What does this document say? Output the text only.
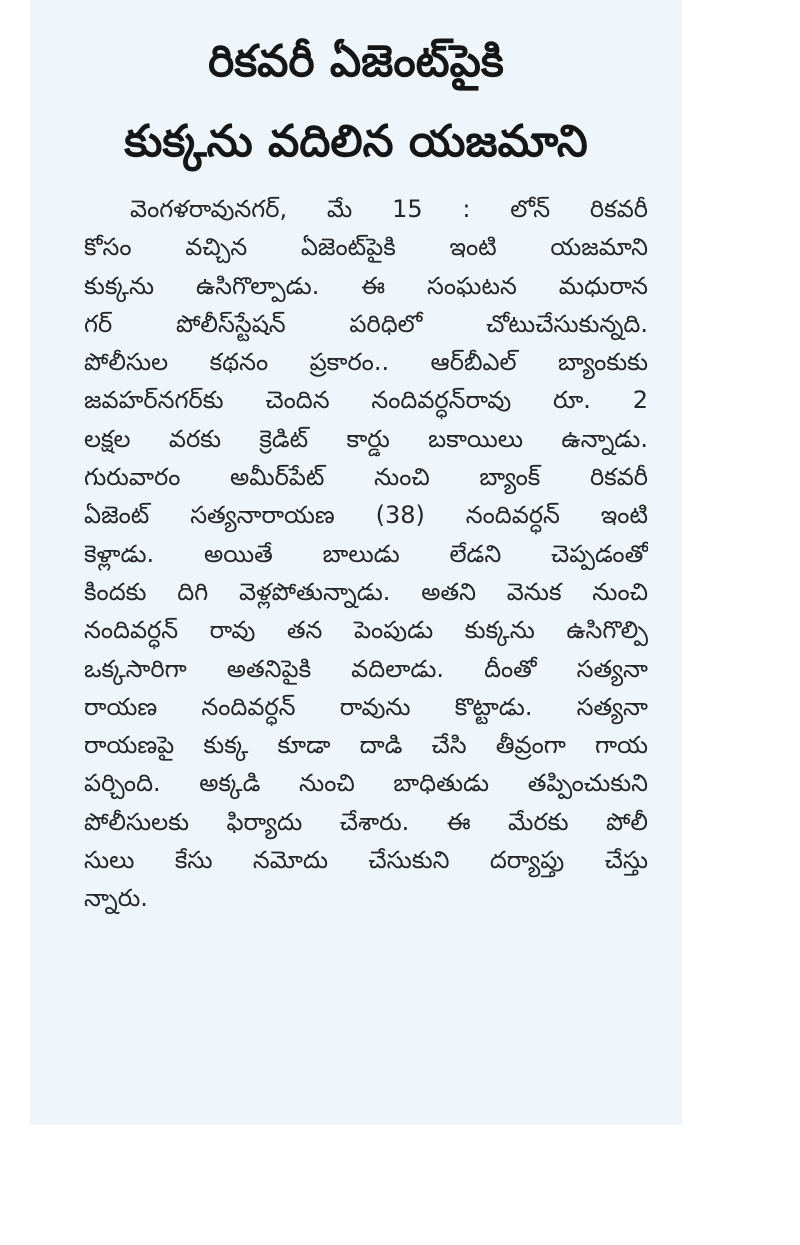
రికవరీ ఏజెంట్‌పైకి
కుక్కను వదిలిన యజమాని
వెంగళరావునగర్, మే 15 : లోన్ రికవరీ
కోసం వచ్చిన ఏజెంట్‌పైకి ఇంటి యజమాని
కుక్కను ఉసిగొల్పాడు. ఈ సంఘటన మధురాన
గర్ పోలీస్‌స్టేషన్ పరిధిలో చోటుచేసుకున్నది.
పోలీసుల కథనం ప్రకారం.. ఆర్‌బీఎల్ బ్యాంకుకు
జవహర్‌నగర్‌కు చెందిన నందివర్ధన్‌రావు రూ. 2
లక్షల వరకు క్రెడిట్ కార్డు బకాయిలు ఉన్నాడు.
గురువారం అమీర్‌పేట్ నుంచి బ్యాంక్ రికవరీ
ఏజెంట్ సత్యనారాయణ (38) నందివర్ధన్ ఇంటి
కెళ్లాడు. అయితే బాలుడు లేడని చెప్పడంతో
కిందకు దిగి వెళ్లపోతున్నాడు. అతని వెనుక నుంచి
నందివర్ధన్ రావు తన పెంపుడు కుక్కను ఉసిగొల్పి
ఒక్కసారిగా అతనిపైకి వదిలాడు. దీంతో సత్యనా
రాయణ నందివర్ధన్ రావును కొట్టాడు. సత్యనా
రాయణపై కుక్క కూడా దాడి చేసి తీవ్రంగా గాయ
పర్చింది. అక్కడి నుంచి బాధితుడు తప్పించుకుని
పోలీసులకు ఫిర్యాదు చేశారు. ఈ మేరకు పోలీ
సులు కేసు నమోదు చేసుకుని దర్యాప్తు చేస్తు
న్నారు.
